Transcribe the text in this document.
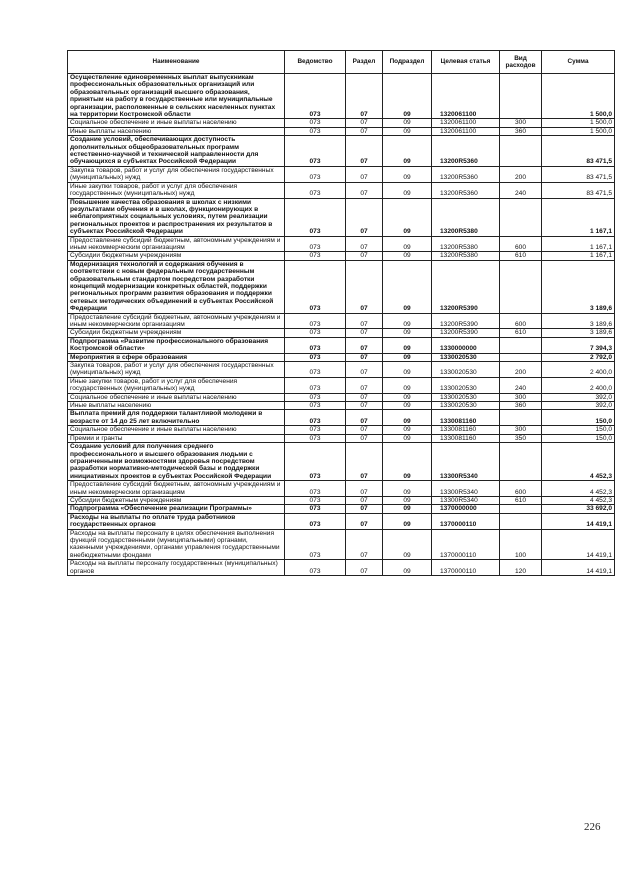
Наименование	Ведомство	Раздел	Подраздел	Целевая статья	Вид расходов	Сумма
Осуществление единовременных выплат выпускникам профессиональных образовательных организаций или образовательных организаций высшего образования, принятым на работу в государственные или муниципальные организации, расположенные в сельских населенных пунктах на территории Костромской области	073	07	09	1320061100		1 500,0
Социальное обеспечение и иные выплаты населению	073	07	09	1320061100	300	1 500,0
Иные выплаты населению	073	07	09	1320061100	360	1 500,0
Создание условий, обеспечивающих доступность дополнительных общеобразовательных программ естественно-научной и технической направленности для обучающихся в субъектах Российской Федерации	073	07	09	13200R5360		83 471,5
Закупка товаров, работ и услуг для обеспечения государственных (муниципальных) нужд	073	07	09	13200R5360	200	83 471,5
Иные закупки товаров, работ и услуг для обеспечения государственных (муниципальных) нужд	073	07	09	13200R5360	240	83 471,5
Повышение качества образования в школах с низкими результатами обучения и в школах, функционирующих в неблагоприятных социальных условиях, путем реализации региональных проектов и распространения их результатов в субъектах Российской Федерации	073	07	09	13200R5380		1 167,1
Предоставление субсидий бюджетным, автономным учреждениям и иным некоммерческим организациям	073	07	09	13200R5380	600	1 167,1
Субсидии бюджетным учреждениям	073	07	09	13200R5380	610	1 167,1
Модернизация технологий и содержания обучения в соответствии с новым федеральным государственным образовательным стандартом посредством разработки концепций модернизации конкретных областей, поддержки региональных программ развития образования и поддержки сетевых методических объединений в субъектах Российской Федерации	073	07	09	13200R5390		3 189,6
Предоставление субсидий бюджетным, автономным учреждениям и иным некоммерческим организациям	073	07	09	13200R5390	600	3 189,6
Субсидии бюджетным учреждениям	073	07	09	13200R5390	610	3 189,6
Подпрограмма «Развитие профессионального образования Костромской области»	073	07	09	1330000000		7 394,3
Мероприятия в сфере образования	073	07	09	1330020530		2 792,0
Закупка товаров, работ и услуг для обеспечения государственных (муниципальных) нужд	073	07	09	1330020530	200	2 400,0
Иные закупки товаров, работ и услуг для обеспечения государственных (муниципальных) нужд	073	07	09	1330020530	240	2 400,0
Социальное обеспечение и иные выплаты населению	073	07	09	1330020530	300	392,0
Иные выплаты населению	073	07	09	1330020530	360	392,0
Выплата премий для поддержки талантливой молодежи в возрасте от 14 до 25 лет включительно	073	07	09	1330081160		150,0
Социальное обеспечение и иные выплаты населению	073	07	09	1330081160	300	150,0
Премии и гранты	073	07	09	1330081160	350	150,0
Создание условий для получения среднего профессионального и высшего образования людьми с ограниченными возможностями здоровья посредством разработки нормативно-методической базы и поддержки инициативных проектов в субъектах Российской Федерации	073	07	09	13300R5340		4 452,3
Предоставление субсидий бюджетным, автономным учреждениям и иным некоммерческим организациям	073	07	09	13300R5340	600	4 452,3
Субсидии бюджетным учреждениям	073	07	09	13300R5340	610	4 452,3
Подпрограмма «Обеспечение реализации Программы»	073	07	09	1370000000		33 692,0
Расходы на выплаты по оплате труда работников государственных органов	073	07	09	1370000110		14 419,1
Расходы на выплаты персоналу в целях обеспечения выполнения функций государственными (муниципальными) органами, казенными учреждениями, органами управления государственными внебюджетными фондами	073	07	09	1370000110	100	14 419,1
Расходы на выплаты персоналу государственных (муниципальных) органов	073	07	09	1370000110	120	14 419,1
226
